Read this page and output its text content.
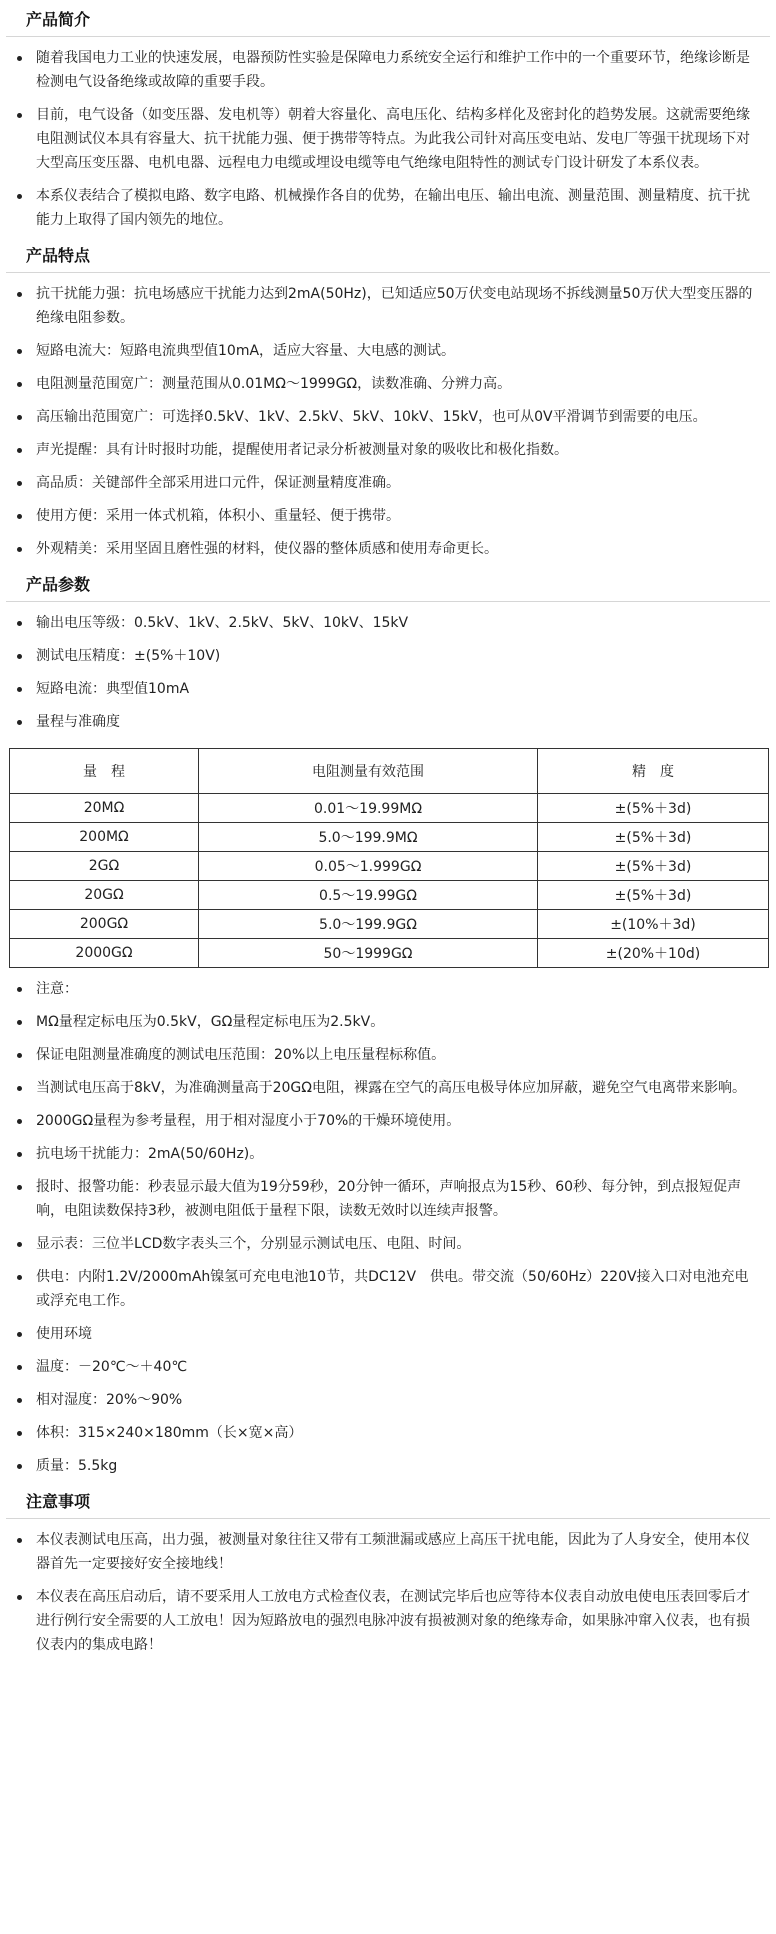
产品简介
随着我国电力工业的快速发展，电器预防性实验是保障电力系统安全运行和维护工作中的一个重要环节，绝缘诊断是检测电气设备绝缘或故障的重要手段。
目前，电气设备（如变压器、发电机等）朝着大容量化、高电压化、结构多样化及密封化的趋势发展。这就需要绝缘电阻测试仪本具有容量大、抗干扰能力强、便于携带等特点。为此我公司针对高压变电站、发电厂等强干扰现场下对大型高压变压器、电机电器、远程电力电缆或埋设电缆等电气绝缘电阻特性的测试专门设计研发了本系仪表。
本系仪表结合了模拟电路、数字电路、机械操作各自的优势，在输出电压、输出电流、测量范围、测量精度、抗干扰能力上取得了国内领先的地位。
产品特点
抗干扰能力强：抗电场感应干扰能力达到2mA(50Hz)，已知适应50万伏变电站现场不拆线测量50万伏大型变压器的绝缘电阻参数。
短路电流大：短路电流典型值10mA，适应大容量、大电感的测试。
电阻测量范围宽广：测量范围从0.01MΩ～1999GΩ，读数准确、分辨力高。
高压输出范围宽广：可选择0.5kV、1kV、2.5kV、5kV、10kV、15kV，也可从0V平滑调节到需要的电压。
声光提醒：具有计时报时功能，提醒使用者记录分析被测量对象的吸收比和极化指数。
高品质：关键部件全部采用进口元件，保证测量精度准确。
使用方便：采用一体式机箱，体积小、重量轻、便于携带。
外观精美：采用坚固且磨性强的材料，使仪器的整体质感和使用寿命更长。
产品参数
输出电压等级：0.5kV、1kV、2.5kV、5kV、10kV、15kV
测试电压精度：±(5%＋10V)
短路电流：典型值10mA
量程与准确度
量　程	电阻测量有效范围	精　度
20MΩ	0.01～19.99MΩ	±(5%＋3d)
200MΩ	5.0～199.9MΩ	±(5%＋3d)
2GΩ	0.05～1.999GΩ	±(5%＋3d)
20GΩ	0.5～19.99GΩ	±(5%＋3d)
200GΩ	5.0～199.9GΩ	±(10%＋3d)
2000GΩ	50～1999GΩ	±(20%＋10d)
注意：
MΩ量程定标电压为0.5kV，GΩ量程定标电压为2.5kV。
保证电阻测量准确度的测试电压范围：20%以上电压量程标称值。
当测试电压高于8kV，为准确测量高于20GΩ电阻，裸露在空气的高压电极导体应加屏蔽，避免空气电离带来影响。
2000GΩ量程为参考量程，用于相对湿度小于70%的干燥环境使用。
抗电场干扰能力：2mA(50/60Hz)。
报时、报警功能：秒表显示最大值为19分59秒，20分钟一循环，声响报点为15秒、60秒、每分钟，到点报短促声响，电阻读数保持3秒，被测电阻低于量程下限，读数无效时以连续声报警。
显示表：三位半LCD数字表头三个，分别显示测试电压、电阻、时间。
供电：内附1.2V/2000mAh镍氢可充电电池10节，共DC12V　供电。带交流（50/60Hz）220V接入口对电池充电或浮充电工作。
使用环境
温度：－20℃～＋40℃
相对湿度：20%～90%
体积：315×240×180mm（长×宽×高）
质量：5.5kg
注意事项
本仪表测试电压高，出力强，被测量对象往往又带有工频泄漏或感应上高压干扰电能，因此为了人身安全，使用本仪器首先一定要接好安全接地线！
本仪表在高压启动后，请不要采用人工放电方式检查仪表，在测试完毕后也应等待本仪表自动放电使电压表回零后才进行例行安全需要的人工放电！因为短路放电的强烈电脉冲波有损被测对象的绝缘寿命，如果脉冲窜入仪表，也有损仪表内的集成电路！
